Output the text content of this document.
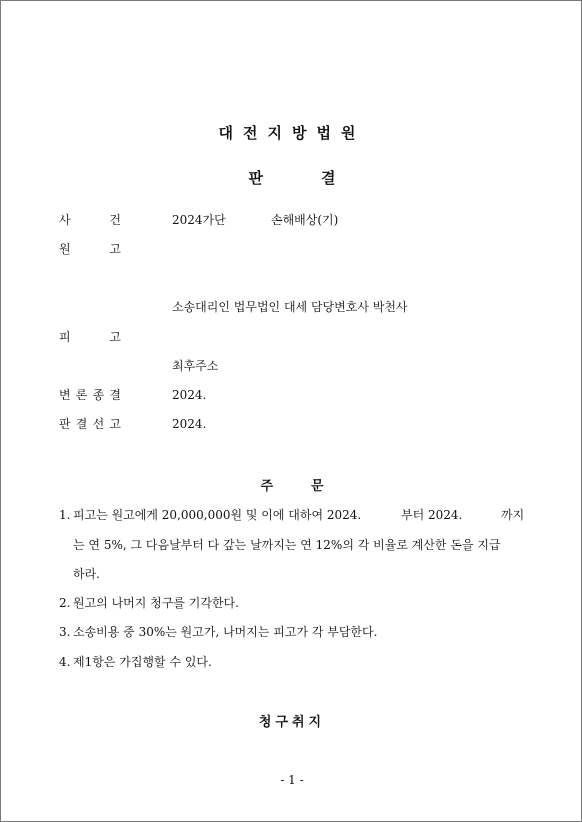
대전지방법원
판	결
사	건	2024가단	손해배상(기)
원	고
소송대리인 법무법인 대세 담당변호사 박천사
피	고
최후주소
변 론 종 결	2024.
판 결 선 고	2024.
주	문
1. 피고는 원고에게 20,000,000원 및 이에 대하여 2024.	부터 2024.	까지
는 연 5%, 그 다음날부터 다 갚는 날까지는 연 12%의 각 비율로 계산한 돈을 지급
하라.
2. 원고의 나머지 청구를 기각한다.
3. 소송비용 중 30%는 원고가, 나머지는 피고가 각 부담한다.
4. 제1항은 가집행할 수 있다.
청구취지
- 1 -
